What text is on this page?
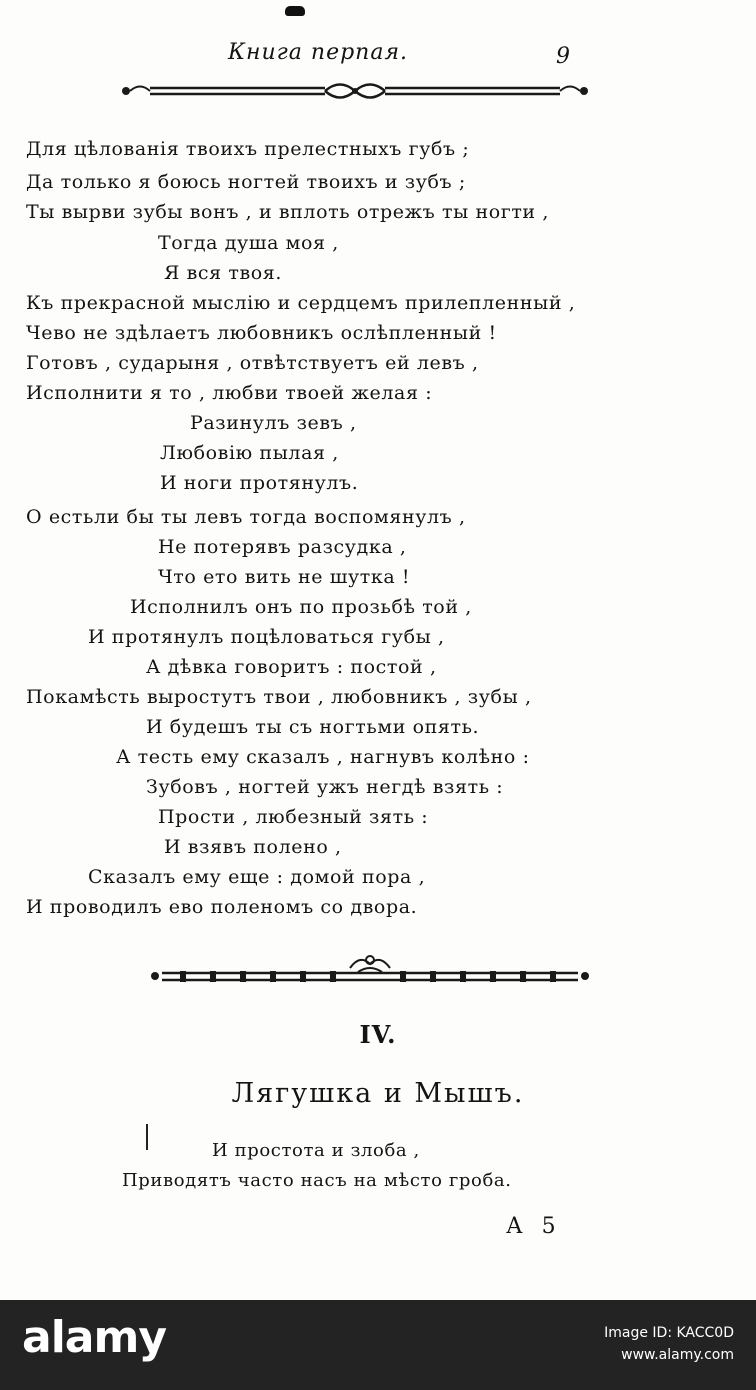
Книга перпая.	9
Для цѣлованія твоихъ прелестныхъ губъ ;
Да только я боюсь ногтей твоихъ и зубъ ;
Ты вырви зубы вонъ , и вплоть отрежъ ты ногти ,
Тогда душа моя ,
Я вся твоя.
Къ прекрасной мыслію и сердцемъ прилепленный ,
Чево не здѣлаетъ любовникъ ослѣпленный !
Готовъ , сударыня , отвѣтствуетъ ей левъ ,
Исполнити я то , любви твоей желая :
Разинулъ зевъ ,
Любовію пылая ,
И ноги протянулъ.
О естьли бы ты левъ тогда воспомянулъ ,
Не потерявъ разсудка ,
Что ето вить не шутка !
Исполнилъ онъ по прозьбѣ той ,
И протянулъ поцѣловаться губы ,
А дѣвка говоритъ : постой ,
Покамѣсть выростутъ твои , любовникъ , зубы ,
И будешъ ты съ ногтьми опять.
А тесть ему сказалъ , нагнувъ колѣно :
Зубовъ , ногтей ужъ негдѣ взять :
Прости , любезный зять :
И взявъ полено ,
Сказалъ ему еще : домой пора ,
И проводилъ ево поленомъ со двора.
IV.
Лягушка и Мышъ.
И простота и злоба ,
Приводятъ часто насъ на мѣсто гроба.
А 5
alamy	Image ID: KACC0D
www.alamy.com
